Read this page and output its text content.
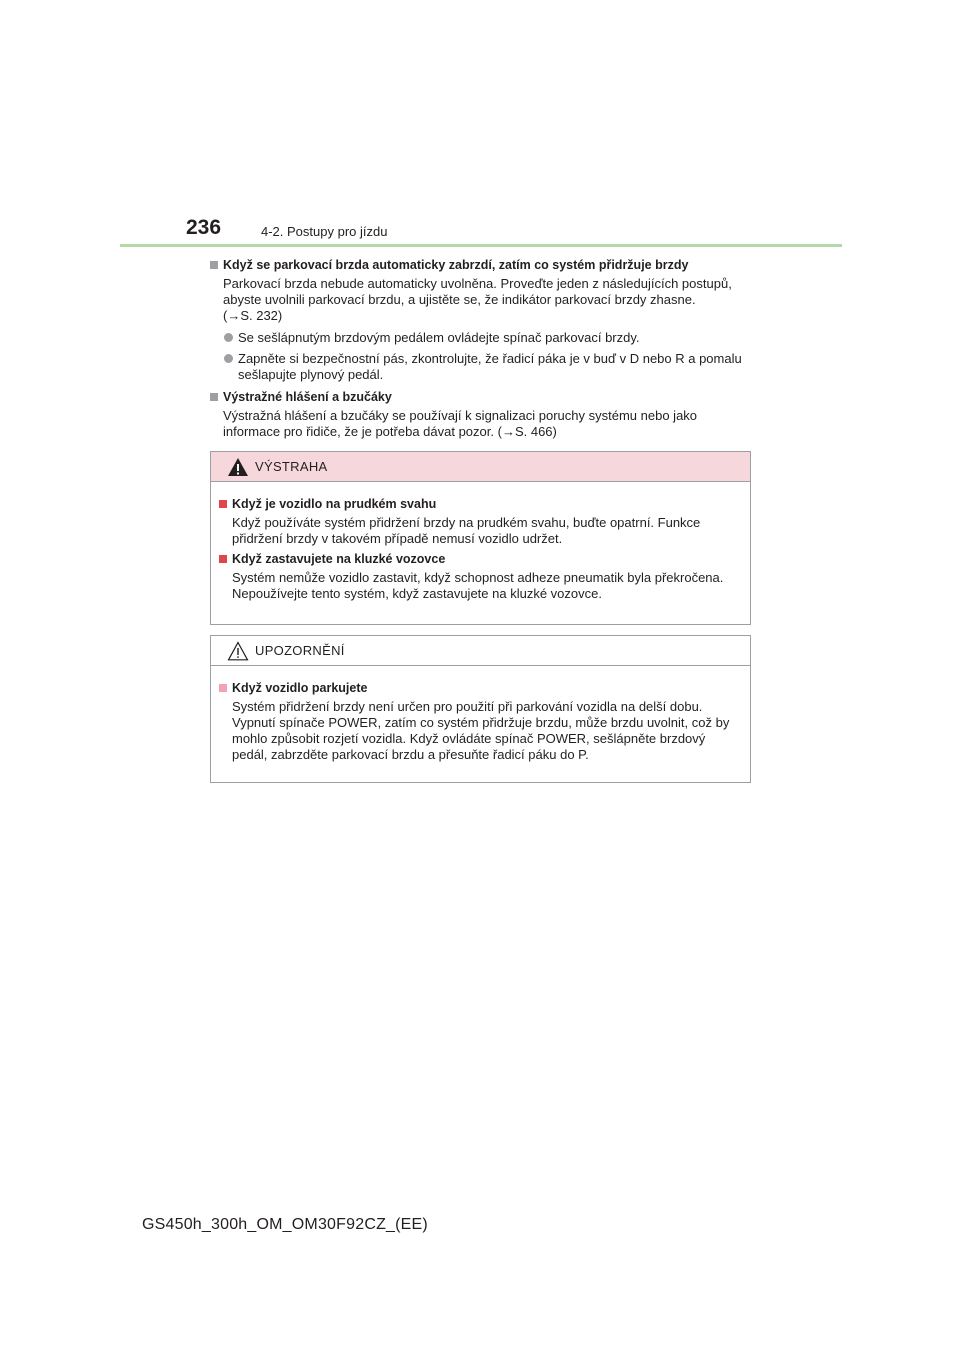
236	4-2. Postupy pro jízdu
Když se parkovací brzda automaticky zabrzdí, zatím co systém přidržuje brzdy
Parkovací brzda nebude automaticky uvolněna. Proveďte jeden z následujících postupů, abyste uvolnili parkovací brzdu, a ujistěte se, že indikátor parkovací brzdy zhasne. (→S. 232)
Se sešlápnutým brzdovým pedálem ovládejte spínač parkovací brzdy.
Zapněte si bezpečnostní pás, zkontrolujte, že řadicí páka je v buď v D nebo R a pomalu sešlapujte plynový pedál.
Výstražné hlášení a bzučáky
Výstražná hlášení a bzučáky se používají k signalizaci poruchy systému nebo jako informace pro řidiče, že je potřeba dávat pozor. (→S. 466)
VÝSTRAHA
Když je vozidlo na prudkém svahu
Když používáte systém přidržení brzdy na prudkém svahu, buďte opatrní. Funkce přidržení brzdy v takovém případě nemusí vozidlo udržet.
Když zastavujete na kluzké vozovce
Systém nemůže vozidlo zastavit, když schopnost adheze pneumatik byla překročena. Nepoužívejte tento systém, když zastavujete na kluzké vozovce.
UPOZORNĚNÍ
Když vozidlo parkujete
Systém přidržení brzdy není určen pro použití při parkování vozidla na delší dobu. Vypnutí spínače POWER, zatím co systém přidržuje brzdu, může brzdu uvolnit, což by mohlo způsobit rozjetí vozidla. Když ovládáte spínač POWER, sešlápněte brzdový pedál, zabrzděte parkovací brzdu a přesuňte řadicí páku do P.
GS450h_300h_OM_OM30F92CZ_(EE)
